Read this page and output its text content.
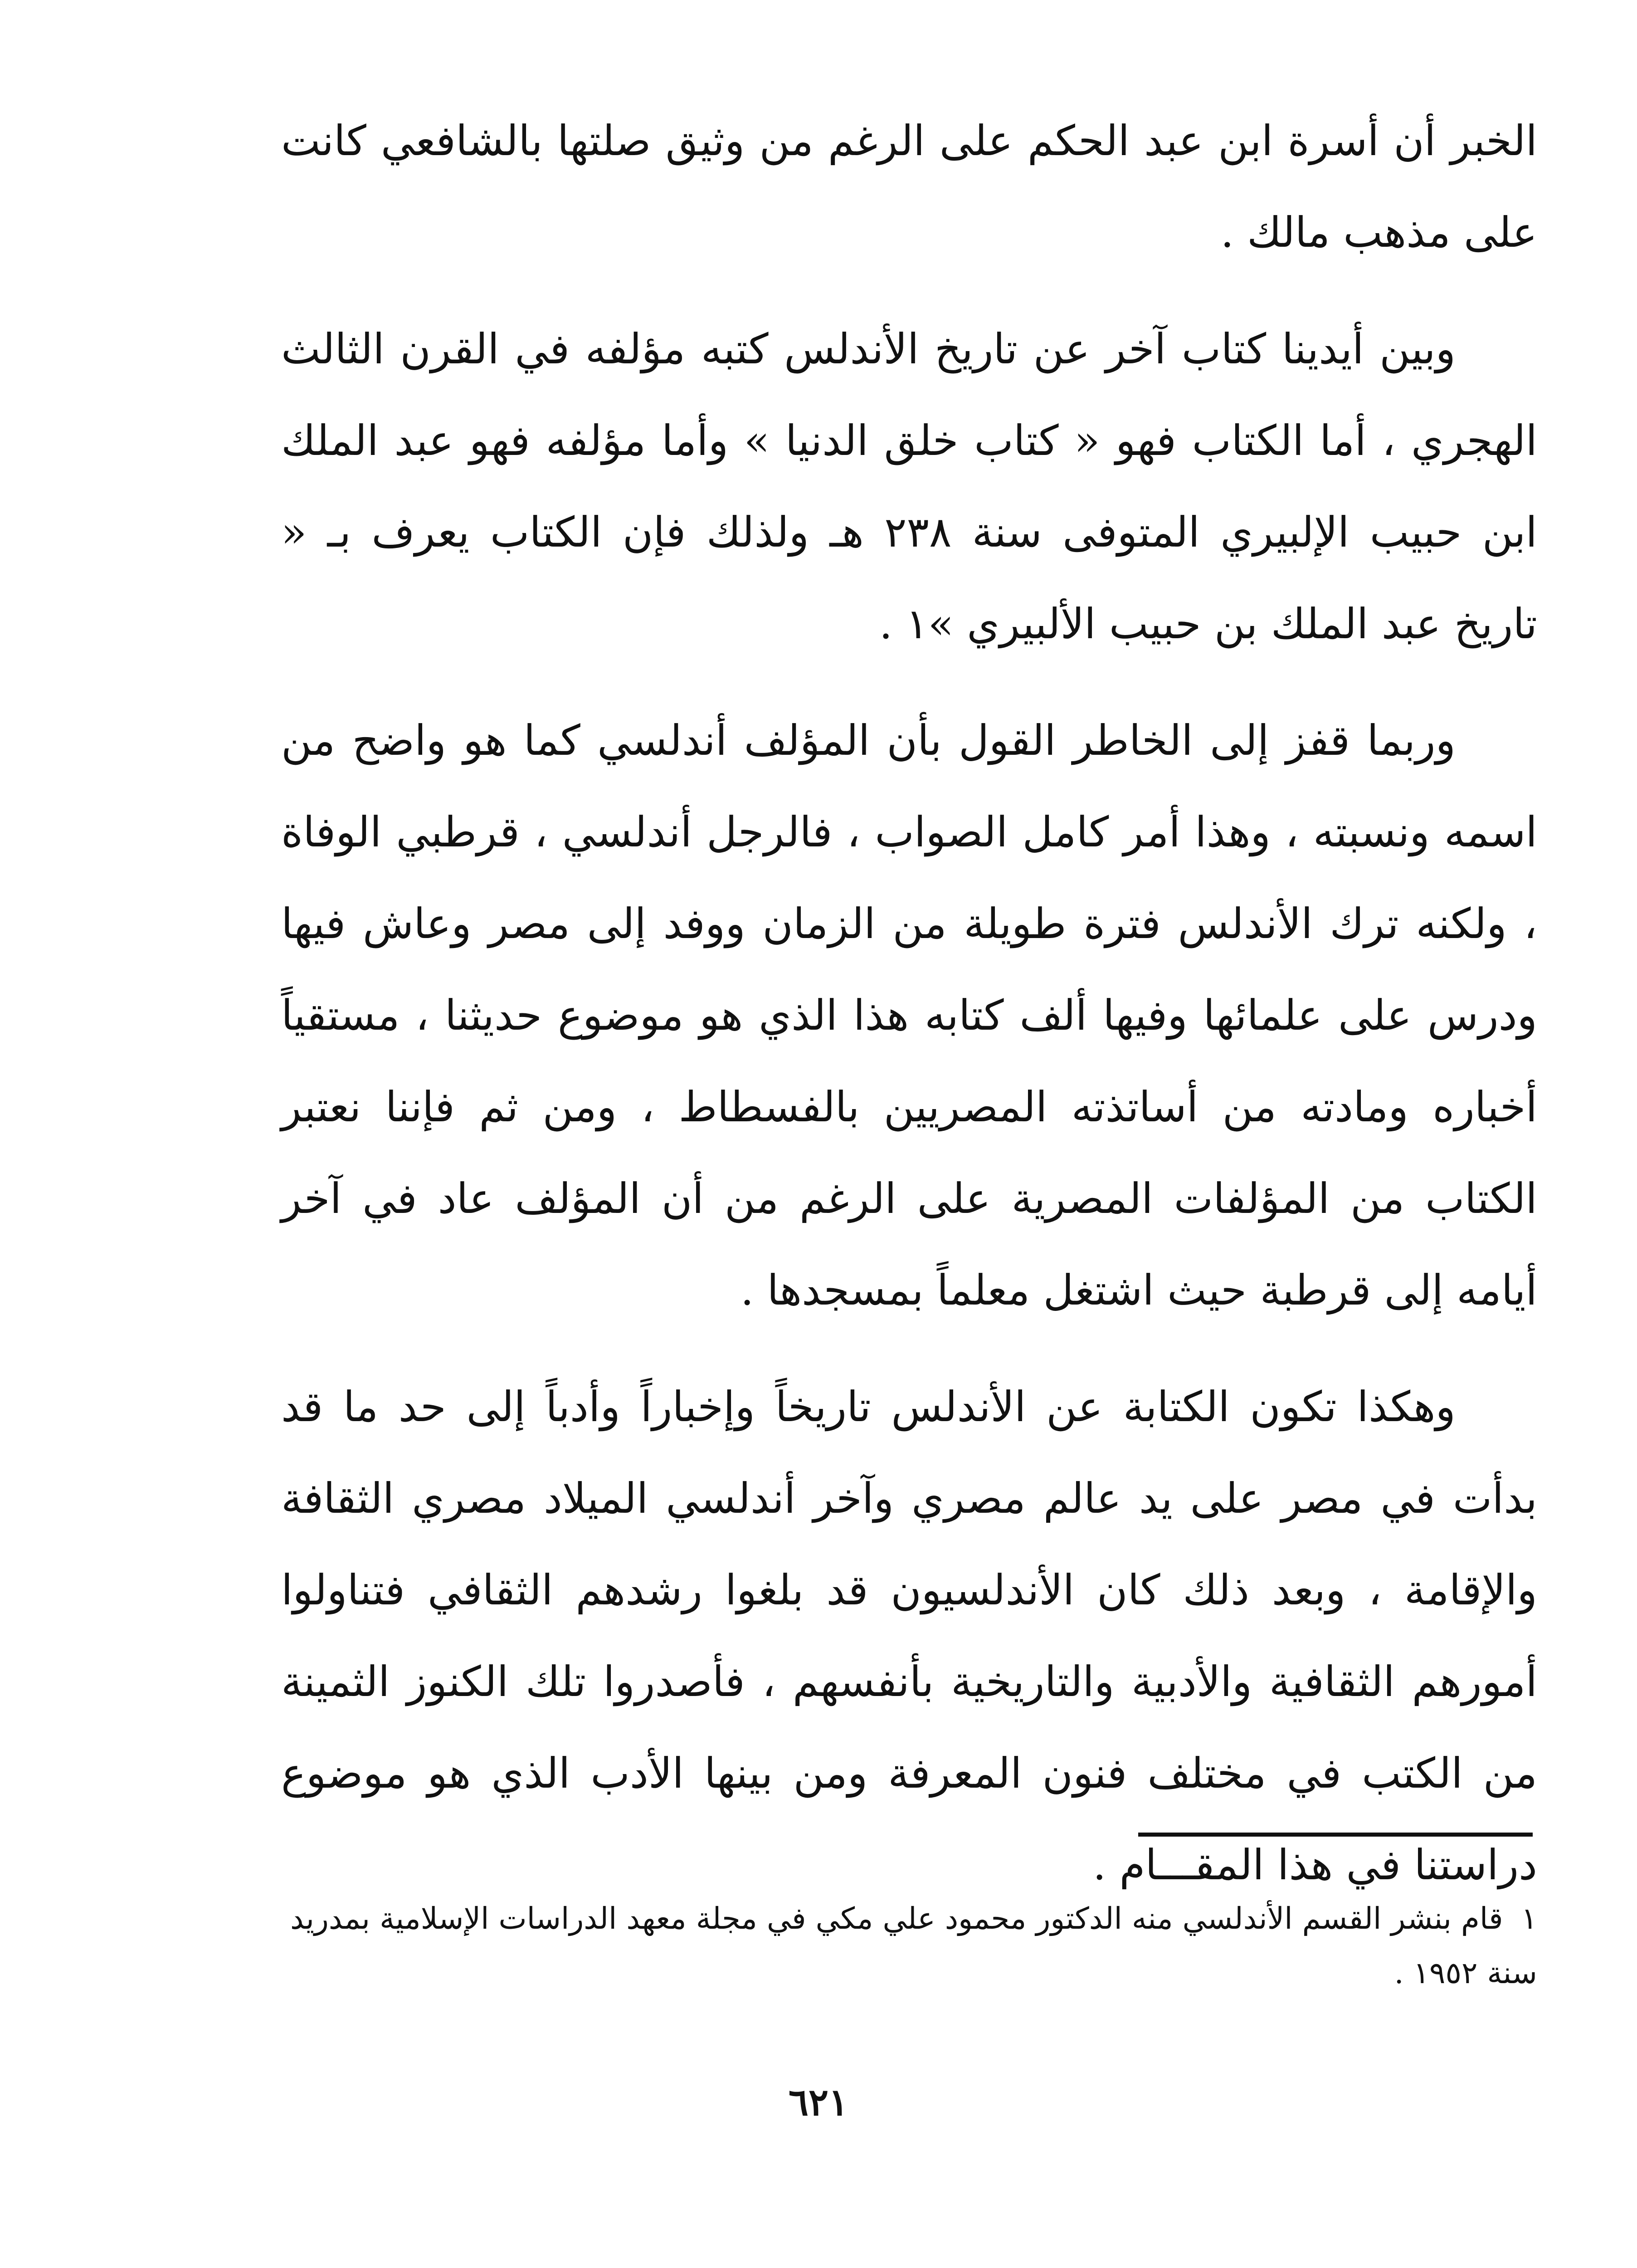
الخبر أن أسرة ابن عبد الحكم على الرغم من وثيق صلتها بالشافعي كانت على مذهب مالك .

وبين أيدينا كتاب آخر عن تاريخ الأندلس كتبه مؤلفه في القرن الثالث الهجري ، أما الكتاب فهو « كتاب خلق الدنيا » وأما مؤلفه فهو عبد الملك ابن حبيب الإلبيري المتوفى سنة ٢٣٨ هـ ولذلك فإن الكتاب يعرف بـ « تاريخ عبد الملك بن حبيب الألبيري »١ .

وربما قفز إلى الخاطر القول بأن المؤلف أندلسي كما هو واضح من اسمه ونسبته ، وهذا أمر كامل الصواب ، فالرجل أندلسي ، قرطبي الوفاة ، ولكنه ترك الأندلس فترة طويلة من الزمان ووفد إلى مصر وعاش فيها ودرس على علمائها وفيها ألف كتابه هذا الذي هو موضوع حديثنا ، مستقياً أخباره ومادته من أساتذته المصريين بالفسطاط ، ومن ثم فإننا نعتبر الكتاب من المؤلفات المصرية على الرغم من أن المؤلف عاد في آخر أيامه إلى قرطبة حيث اشتغل معلماً بمسجدها .

وهكذا تكون الكتابة عن الأندلس تاريخاً وإخباراً وأدباً إلى حد ما قد بدأت في مصر على يد عالم مصري وآخر أندلسي الميلاد مصري الثقافة والإقامة ، وبعد ذلك كان الأندلسيون قد بلغوا رشدهم الثقافي فتناولوا أمورهم الثقافية والأدبية والتاريخية بأنفسهم ، فأصدروا تلك الكنوز الثمينة من الكتب في مختلف فنون المعرفة ومن بينها الأدب الذي هو موضوع دراستنا في هذا المقـــام .

١قام بنشر القسم الأندلسي منه الدكتور محمود علي مكي في مجلة معهد الدراسات الإسلامية بمدريد سنة ١٩٥٢ .
٦٢١
